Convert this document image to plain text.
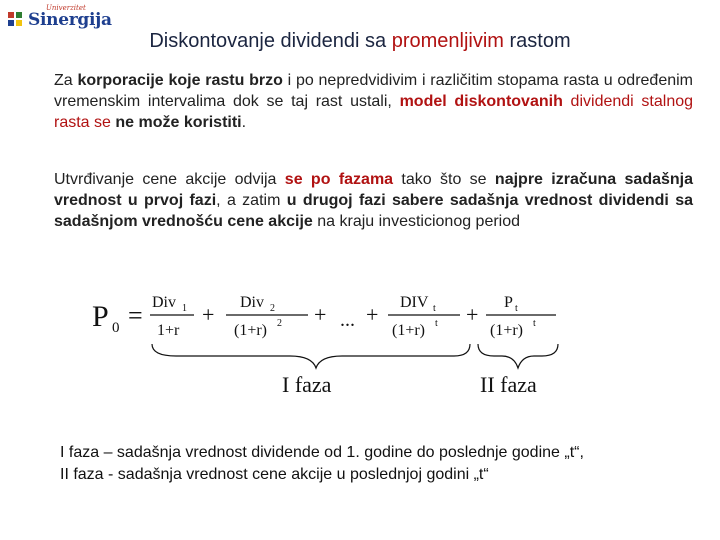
Univerzitet
Sinergija
Diskontovanje dividendi sa promenljivim rastom
Za korporacije koje rastu brzo i po nepredvidivim i različitim stopama rasta u određenim vremenskim intervalima dok se taj rast ustali, model diskontovanih dividendi stalnog rasta se ne može koristiti.
Utvrđivanje cene akcije odvija se po fazama tako što se najpre izračuna sadašnja vrednost u prvoj fazi, a zatim u drugoj fazi sabere sadašnja vrednost dividendi sa sadašnjom vrednošću cene akcije na kraju investicionog period
P 0 = Div 1
1+r
+ Div 2
(1+r) 2 + ... + DIV t
(1+r) t + P t
(1+r) t
I faza	II faza
I faza – sadašnja vrednost dividende od 1. godine do poslednje godine „t“,
II faza - sadašnja vrednost cene akcije u poslednjoj godini „t“
